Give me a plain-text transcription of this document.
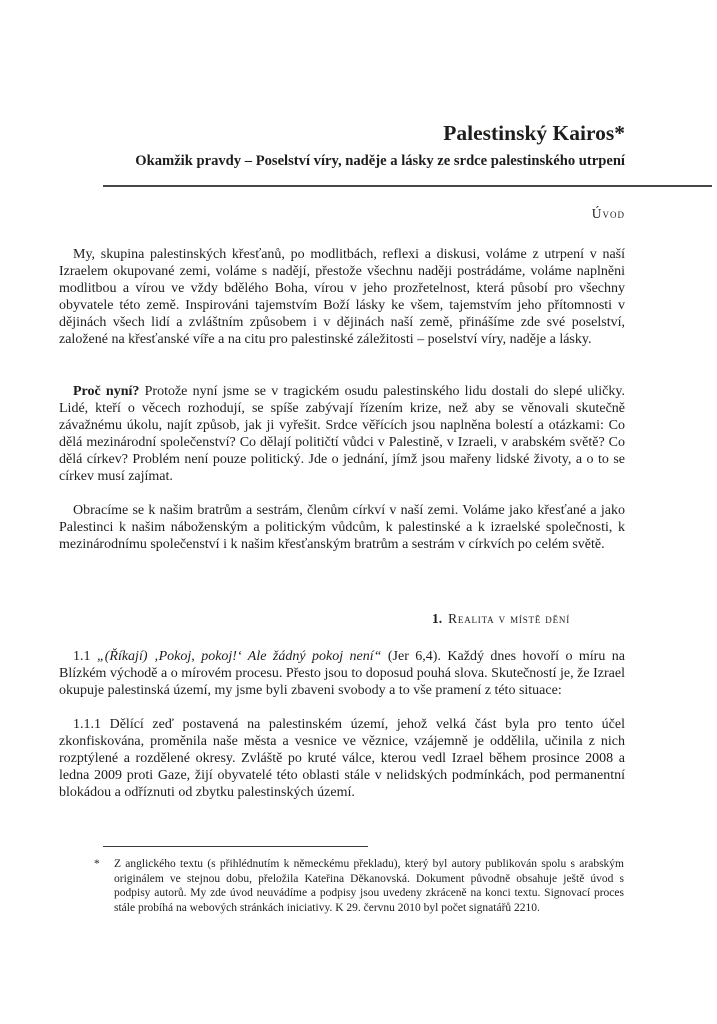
Palestinský Kairos*
Okamžik pravdy – Poselství víry, naděje a lásky ze srdce palestinského utrpení
Úvod

My, skupina palestinských křesťanů, po modlitbách, reflexi a diskusi, voláme z utrpení v naší Izraelem okupované zemi, voláme s nadějí, přestože všechnu naději postrádáme, voláme naplněni modlitbou a vírou ve vždy bdělého Boha, vírou v jeho prozřetelnost, která působí pro všechny obyvatele této země. Inspirováni tajemstvím Boží lásky ke všem, tajemstvím jeho přítomnosti v dějinách všech lidí a zvláštním způsobem i v dějinách naší země, přinášíme zde své poselství, založené na křesťanské víře a na citu pro palestinské záležitosti – poselství víry, naděje a lásky.

Proč nyní? Protože nyní jsme se v tragickém osudu palestinského lidu dostali do slepé uličky. Lidé, kteří o věcech rozhodují, se spíše zabývají řízením krize, než aby se věnovali skutečně závažnému úkolu, najít způsob, jak ji vyřešit. Srdce věřících jsou naplněna bolestí a otázkami: Co dělá mezinárodní společenství? Co dělají političtí vůdci v Palestině, v Izraeli, v arabském světě? Co dělá církev? Problém není pouze politický. Jde o jednání, jímž jsou mařeny lidské životy, a o to se církev musí zajímat.

Obracíme se k našim bratrům a sestrám, členům církví v naší zemi. Voláme jako křesťané a jako Palestinci k našim náboženským a politickým vůdcům, k palestinské a k izraelské společnosti, k mezinárodnímu společenství i k našim křesťanským bratrům a sestrám v církvích po celém světě.

1. Realita v místě dění

1.1 „(Říkají) ‚Pokoj, pokoj!‘ Ale žádný pokoj není“ (Jer 6,4). Každý dnes hovoří o míru na Blízkém východě a o mírovém procesu. Přesto jsou to doposud pouhá slova. Skutečností je, že Izrael okupuje palestinská území, my jsme byli zbaveni svobody a to vše pramení z této situace:

1.1.1 Dělící zeď postavená na palestinském území, jehož velká část byla pro tento účel zkonfiskována, proměnila naše města a vesnice ve věznice, vzájemně je oddělila, učinila z nich rozptýlené a rozdělené okresy. Zvláště po kruté válce, kterou vedl Izrael během prosince 2008 a ledna 2009 proti Gaze, žijí obyvatelé této oblasti stále v nelidských podmínkách, pod permanentní blokádou a odříznuti od zbytku palestinských území.

*	Z anglického textu (s přihlédnutím k německému překladu), který byl autory publikován spolu s arabským originálem ve stejnou dobu, přeložila Kateřina Děkanovská. Dokument původně obsahuje ještě úvod s podpisy autorů. My zde úvod neuvádíme a podpisy jsou uvedeny zkráceně na konci textu. Signovací proces stále probíhá na webových stránkách iniciativy. K 29. červnu 2010 byl počet signatářů 2210.
